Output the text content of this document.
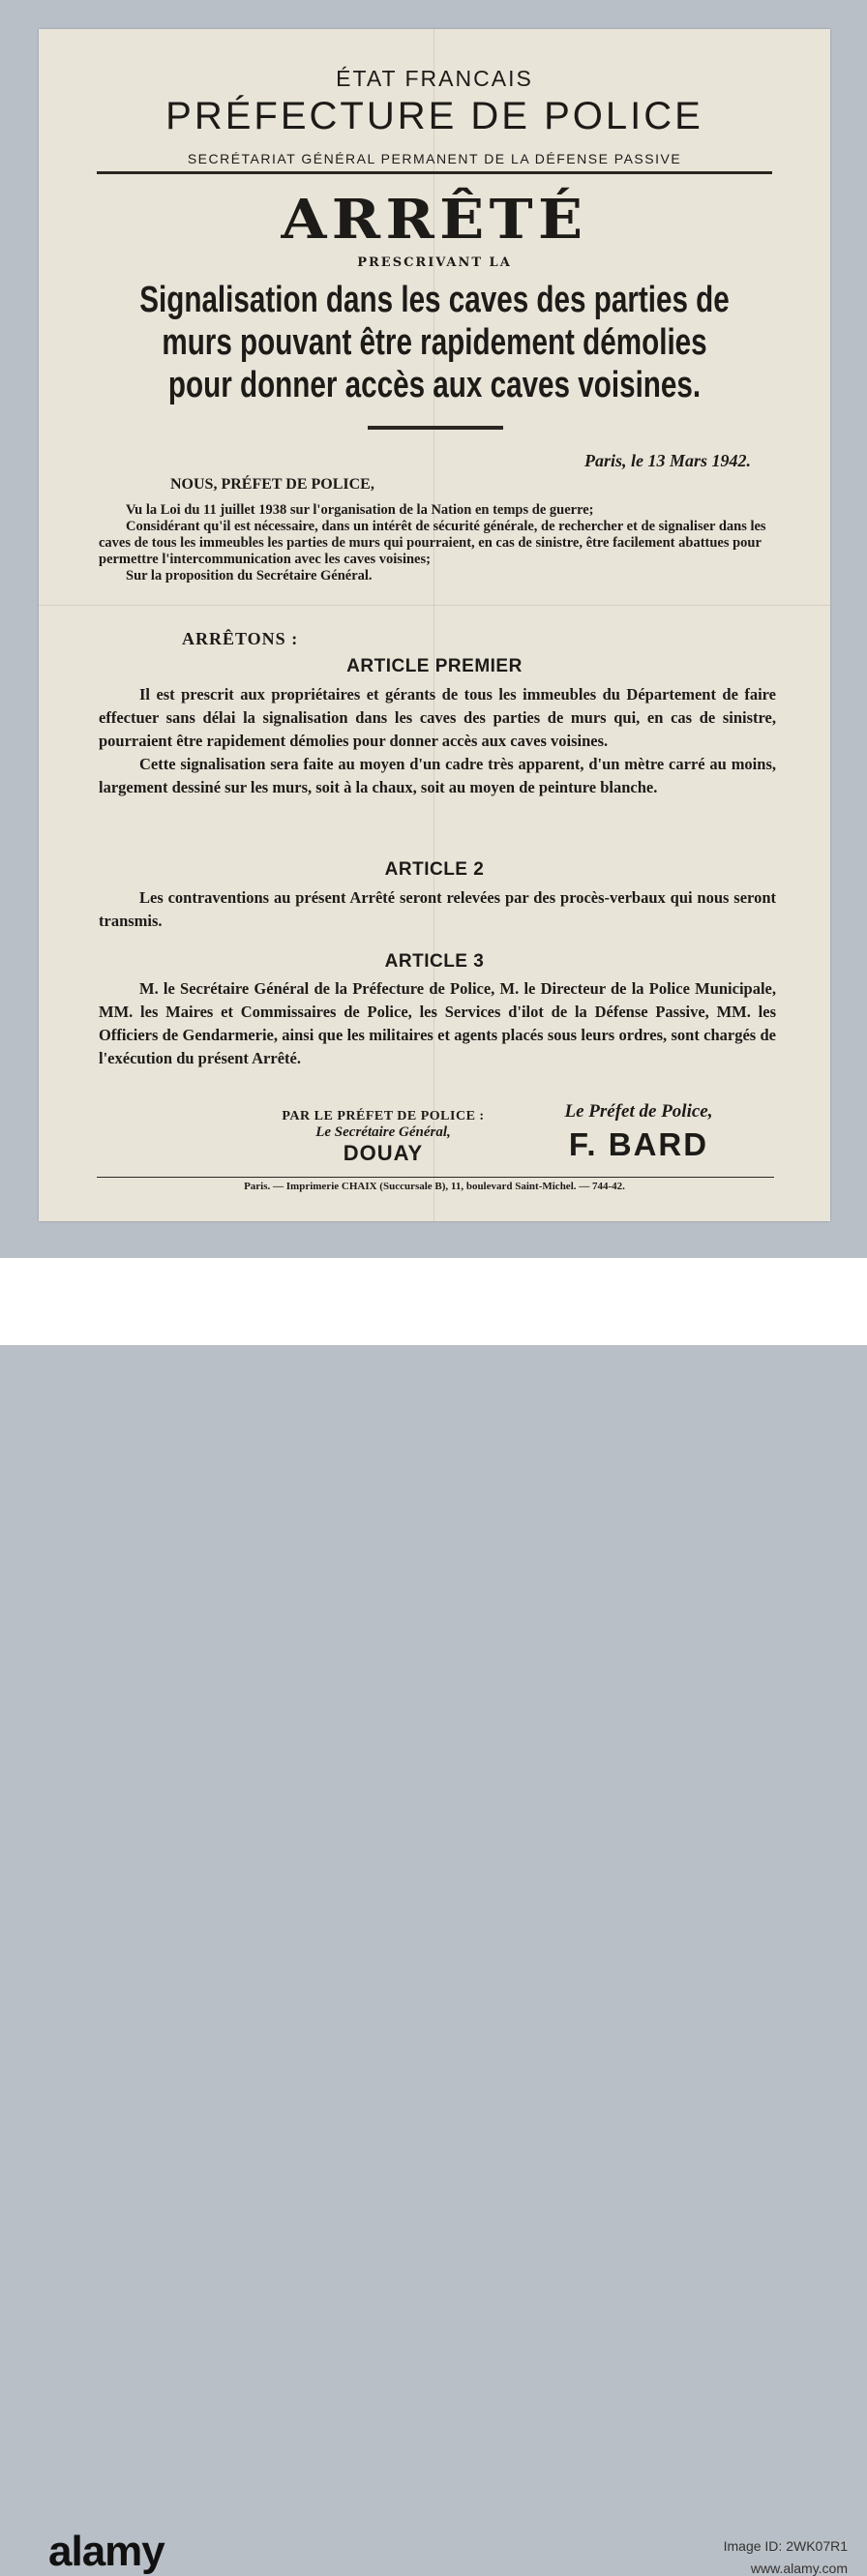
ÉTAT FRANCAIS
PRÉFECTURE DE POLICE
SECRÉTARIAT GÉNÉRAL PERMANENT DE LA DÉFENSE PASSIVE
ARRÊTÉ
PRESCRIVANT LA
Signalisation dans les caves des parties de
murs pouvant être rapidement démolies
pour donner accès aux caves voisines.
Paris, le 13 Mars 1942.
NOUS, PRÉFET DE POLICE,

Vu la Loi du 11 juillet 1938 sur l'organisation de la Nation en temps de guerre;

Considérant qu'il est nécessaire, dans un intérêt de sécurité générale, de rechercher et de signaliser dans les caves de tous les immeubles les parties de murs qui pourraient, en cas de sinistre, être facilement abattues pour permettre l'intercommunication avec les caves voisines;

Sur la proposition du Secrétaire Général.

ARRÊTONS :
ARTICLE PREMIER

Il est prescrit aux propriétaires et gérants de tous les immeubles du Département de faire effectuer sans délai la signalisation dans les caves des parties de murs qui, en cas de sinistre, pourraient être rapidement démolies pour donner accès aux caves voisines.

Cette signalisation sera faite au moyen d'un cadre très apparent, d'un mètre carré au moins, largement dessiné sur les murs, soit à la chaux, soit au moyen de peinture blanche.

ARTICLE 2

Les contraventions au présent Arrêté seront relevées par des procès-verbaux qui nous seront transmis.

ARTICLE 3

M. le Secrétaire Général de la Préfecture de Police, M. le Directeur de la Police Municipale, MM. les Maires et Commissaires de Police, les Services d'ilot de la Défense Passive, MM. les Officiers de Gendarmerie, ainsi que les militaires et agents placés sous leurs ordres, sont chargés de l'exécution du présent Arrêté.

PAR LE PRÉFET DE POLICE :
Le Secrétaire Général,
DOUAY
Le Préfet de Police,
F. BARD
Paris. — Imprimerie CHAIX (Succursale B), 11, boulevard Saint-Michel. — 744-42.
alamy	Image ID: 2WK07R1
www.alamy.com
